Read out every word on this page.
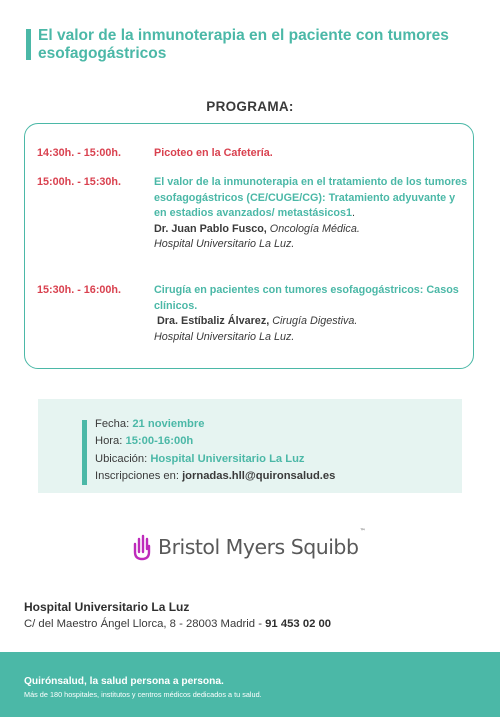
El valor de la inmunoterapia en el paciente con tumores esofagogástricos
PROGRAMA:
14:30h. - 15:00h.	Picoteo en la Cafetería.
15:00h. - 15:30h.	El valor de la inmunoterapia en el tratamiento de los tumores esofagogástricos (CE/CUGE/CG): Tratamiento adyuvante y en estadios avanzados/ metastásicos1.
Dr. Juan Pablo Fusco, Oncología Médica.
Hospital Universitario La Luz.
15:30h. - 16:00h.	Cirugía en pacientes con tumores esofagogástricos: Casos clínicos.
Dra. Estíbaliz Álvarez, Cirugía Digestiva.
Hospital Universitario La Luz.
Fecha: 21 noviembre
Hora: 15:00-16:00h
Ubicación: Hospital Universitario La Luz
Inscripciones en: jornadas.hll@quironsalud.es
Bristol Myers Squibb™
Hospital Universitario La Luz
C/ del Maestro Ángel Llorca, 8 - 28003 Madrid - 91 453 02 00
Quirónsalud, la salud persona a persona.
Más de 180 hospitales, institutos y centros médicos dedicados a tu salud.
